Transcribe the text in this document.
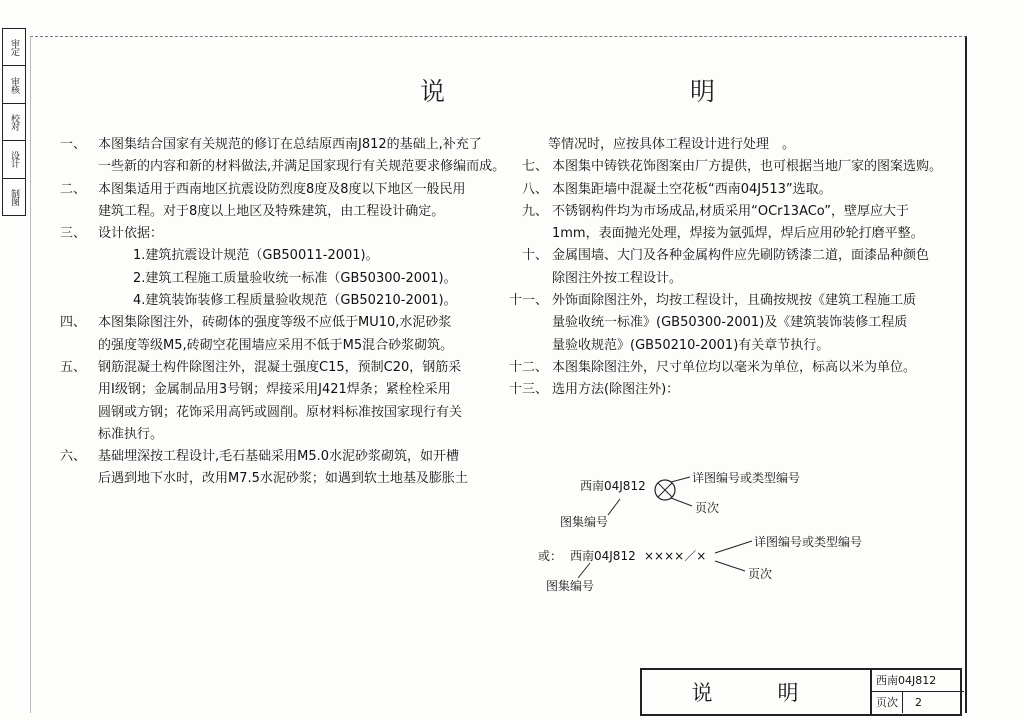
审定
审核
校对
设计
制图
说　明
一、 本图集结合国家有关规范的修订在总结原西南J812的基础上,补充了
一些新的内容和新的材料做法,并满足国家现行有关规范要求修编而成。
二、 本图集适用于西南地区抗震设防烈度8度及8度以下地区一般民用
建筑工程。对于8度以上地区及特殊建筑，由工程设计确定。
三、 设计依据：
1.建筑抗震设计规范（GB50011-2001)。
2.建筑工程施工质量验收统一标准（GB50300-2001)。
4.建筑装饰装修工程质量验收规范（GB50210-2001)。
四、 本图集除图注外，砖砌体的强度等级不应低于MU10,水泥砂浆
的强度等级M5,砖砌空花围墙应采用不低于M5混合砂浆砌筑。
五、 钢筋混凝土构件除图注外，混凝土强度C15，预制C20，钢筋采
用I级钢；金属制品用3号钢；焊接采用J421焊条；紧栓栓采用
圆钢或方钢；花饰采用高钙或圆削。原材料标准按国家现行有关
标准执行。
六、 基础埋深按工程设计,毛石基础采用M5.0水泥砂浆砌筑，如开槽
后遇到地下水时，改用M7.5水泥砂浆；如遇到软土地基及膨胀土
等情况时，应按具体工程设计进行处理　。
七、 本图集中铸铁花饰图案由厂方提供，也可根据当地厂家的图案选购。
八、 本图集距墙中混凝土空花板“西南04J513”选取。
九、 不锈钢构件均为市场成品,材质采用“OCr13ACo”，壁厚应大于
1mm，表面抛光处理，焊接为氩弧焊，焊后应用砂轮打磨平整。
十、 金属围墙、大门及各种金属构件应先刷防锈漆二道，面漆品种颜色
除图注外按工程设计。
十一、 外饰面除图注外，均按工程设计，且确按规按《建筑工程施工质
量验收统一标准》(GB50300-2001)及《建筑装饰装修工程质
量验收规范》(GB50210-2001)有关章节执行。
十二、 本图集除图注外，尺寸单位均以毫米为单位，标高以米为单位。
十三、 选用方法(除图注外)：
西南04J812
详图编号或类型编号
页次
图集编号
或： 西南04J812 ××××／×
详图编号或类型编号
页次
图集编号
说　明
西南04J812
页次 2
